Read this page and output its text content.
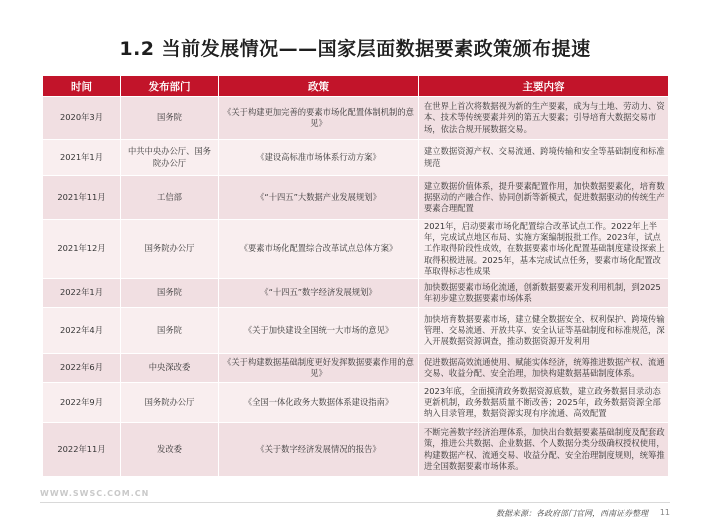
1.2 当前发展情况——国家层面数据要素政策颁布提速
时间	发布部门	政策	主要内容
2020年3月	国务院	《关于构建更加完善的要素市场化配置体制机制的意见》	在世界上首次将数据视为新的生产要素，成为与土地、劳动力、资本、技术等传统要素并列的第五大要素；引导培育大数据交易市场，依法合规开展数据交易。
2021年1月	中共中央办公厅、国务院办公厅	《建设高标准市场体系行动方案》	建立数据资源产权、交易流通、跨境传输和安全等基础制度和标准规范
2021年11月	工信部	《“十四五”大数据产业发展规划》	建立数据价值体系，提升要素配置作用，加快数据要素化，培育数据驱动的产融合作、协同创新等新模式，促进数据驱动的传统生产要素合理配置
2021年12月	国务院办公厅	《要素市场化配置综合改革试点总体方案》	2021年，启动要素市场化配置综合改革试点工作。2022年上半年，完成试点地区布局、实施方案编制报批工作。2023年，试点工作取得阶段性成效，在数据要素市场化配置基础制度建设探索上取得积极进展。2025年，基本完成试点任务，要素市场化配置改革取得标志性成果
2022年1月	国务院	《“十四五”数字经济发展规划》	加快数据要素市场化流通，创新数据要素开发利用机制，到2025年初步建立数据要素市场体系
2022年4月	国务院	《关于加快建设全国统一大市场的意见》	加快培育数据要素市场，建立健全数据安全、权利保护、跨境传输管理、交易流通、开放共享、安全认证等基础制度和标准规范，深入开展数据资源调查，推动数据资源开发利用
2022年6月	中央深改委	《关于构建数据基础制度更好发挥数据要素作用的意见》	促进数据高效流通使用、赋能实体经济，统筹推进数据产权、流通交易、收益分配、安全治理，加快构建数据基础制度体系。
2022年9月	国务院办公厅	《全国一体化政务大数据体系建设指南》	2023年底，全面摸清政务数据资源底数，建立政务数据目录动态更新机制，政务数据质量不断改善；2025年，政务数据资源全部纳入目录管理，数据资源实现有序流通、高效配置
2022年11月	发改委	《关于数字经济发展情况的报告》	不断完善数字经济治理体系，加快出台数据要素基础制度及配套政策，推进公共数据、企业数据、个人数据分类分级确权授权使用，构建数据产权、流通交易、收益分配、安全治理制度规则，统筹推进全国数据要素市场体系。
WWW.SWSC.COM.CN
数据来源：各政府部门官网，西南证券整理 11
